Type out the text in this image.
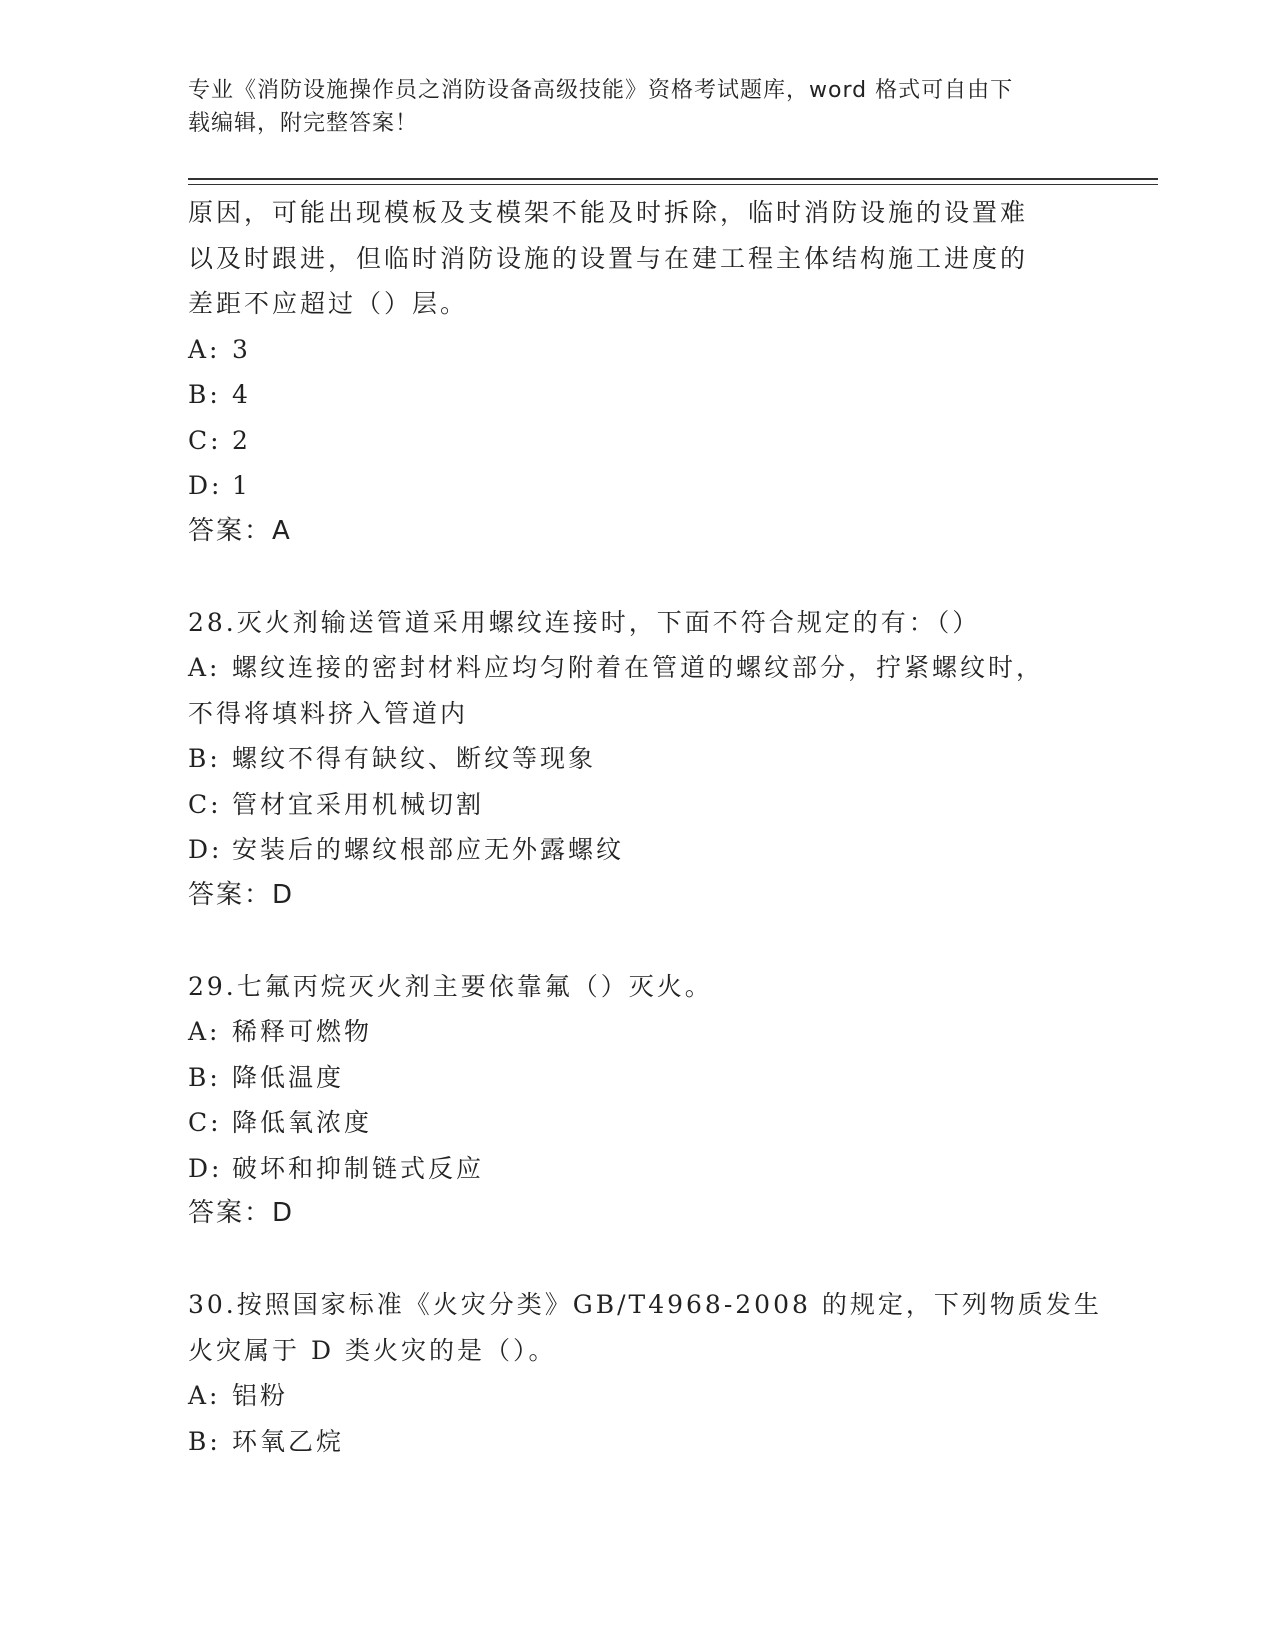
专业《消防设施操作员之消防设备高级技能》资格考试题库，word 格式可自由下
载编辑，附完整答案！
原因，可能出现模板及支模架不能及时拆除，临时消防设施的设置难
以及时跟进，但临时消防设施的设置与在建工程主体结构施工进度的
差距不应超过（）层。
A: 3
B: 4
C: 2
D: 1
答案：A
28.灭火剂输送管道采用螺纹连接时，下面不符合规定的有：（）
A: 螺纹连接的密封材料应均匀附着在管道的螺纹部分，拧紧螺纹时，
不得将填料挤入管道内
B: 螺纹不得有缺纹、断纹等现象
C: 管材宜采用机械切割
D: 安装后的螺纹根部应无外露螺纹
答案：D
29.七氟丙烷灭火剂主要依靠氟（）灭火。
A: 稀释可燃物
B: 降低温度
C: 降低氧浓度
D: 破坏和抑制链式反应
答案：D
30.按照国家标准《火灾分类》GB/T4968-2008 的规定，下列物质发生
火灾属于 D 类火灾的是（）。
A: 铝粉
B: 环氧乙烷
